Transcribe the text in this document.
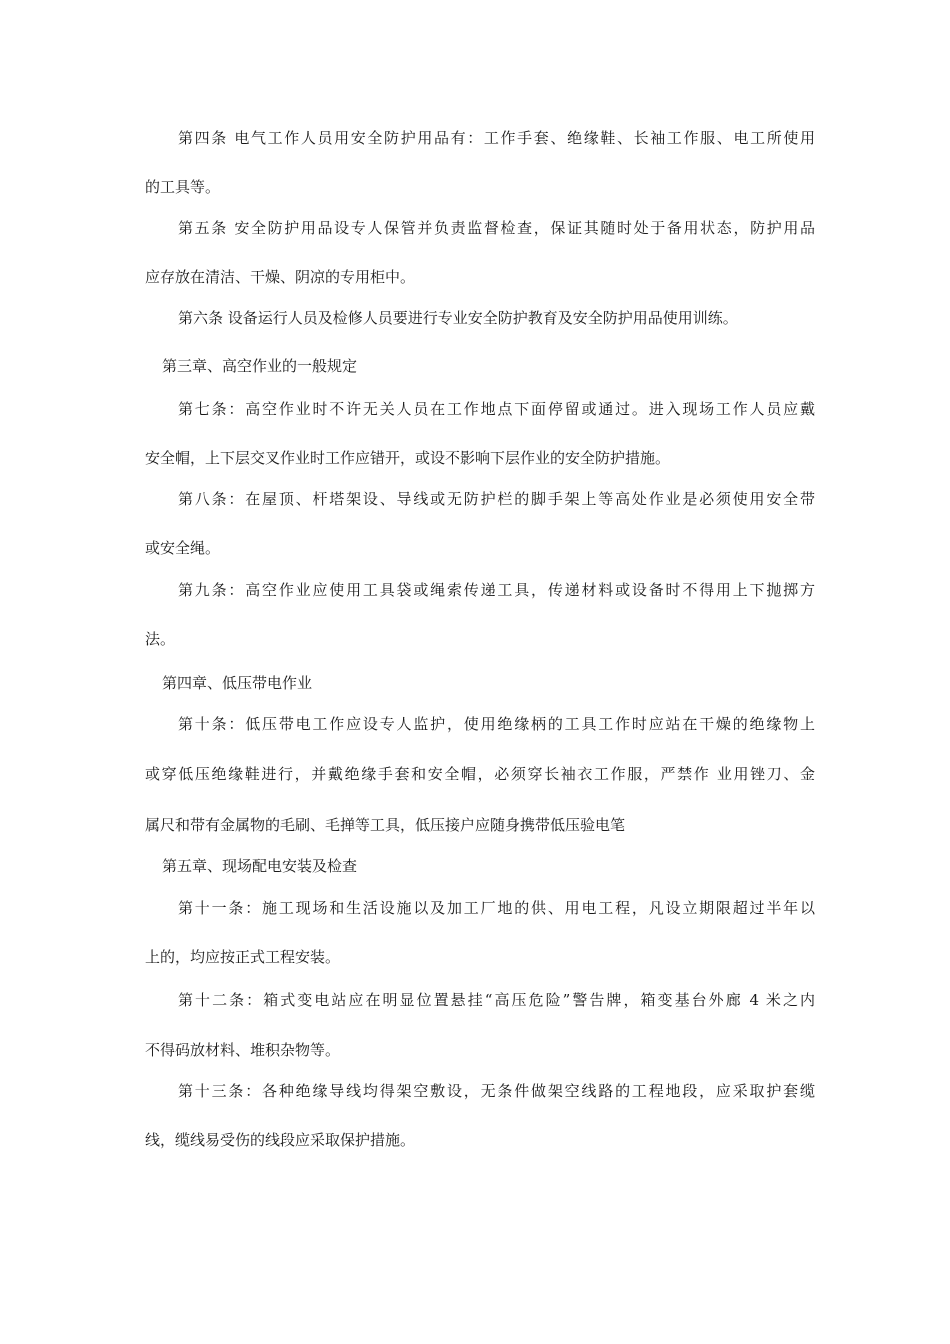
第四条 电气工作人员用安全防护用品有：工作手套、绝缘鞋、长袖工作服、电工所使用
的工具等。
第五条 安全防护用品设专人保管并负责监督检查，保证其随时处于备用状态，防护用品
应存放在清洁、干燥、阴凉的专用柜中。
第六条 设备运行人员及检修人员要进行专业安全防护教育及安全防护用品使用训练。
第三章、高空作业的一般规定
第七条：高空作业时不许无关人员在工作地点下面停留或通过。进入现场工作人员应戴
安全帽，上下层交叉作业时工作应错开，或设不影响下层作业的安全防护措施。
第八条：在屋顶、杆塔架设、导线或无防护栏的脚手架上等高处作业是必须使用安全带
或安全绳。
第九条：高空作业应使用工具袋或绳索传递工具，传递材料或设备时不得用上下抛掷方
法。
第四章、低压带电作业
第十条：低压带电工作应设专人监护，使用绝缘柄的工具工作时应站在干燥的绝缘物上
或穿低压绝缘鞋进行，并戴绝缘手套和安全帽，必须穿长袖衣工作服，严禁作 业用锉刀、金
属尺和带有金属物的毛刷、毛掸等工具，低压接户应随身携带低压验电笔
第五章、现场配电安装及检查
第十一条：施工现场和生活设施以及加工厂地的供、用电工程，凡设立期限超过半年以
上的，均应按正式工程安装。
第十二条：箱式变电站应在明显位置悬挂“高压危险”警告牌，箱变基台外廊 4 米之内
不得码放材料、堆积杂物等。
第十三条：各种绝缘导线均得架空敷设，无条件做架空线路的工程地段，应采取护套缆
线，缆线易受伤的线段应采取保护措施。
